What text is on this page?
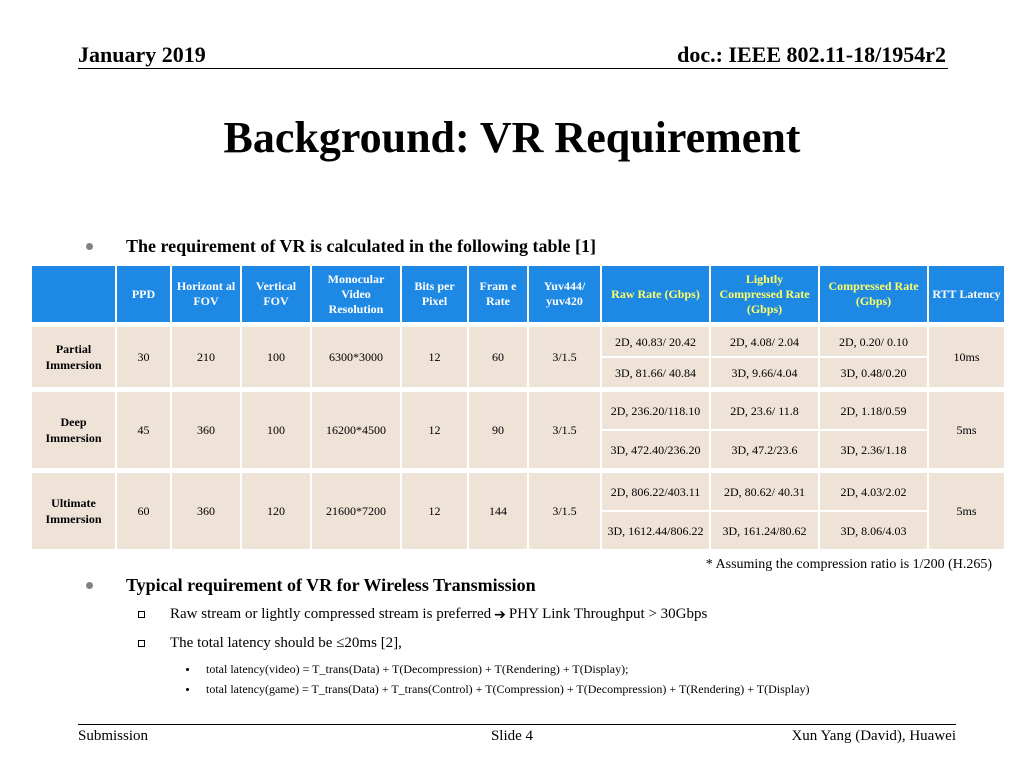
January 2019	doc.: IEEE 802.11-18/1954r2
Background: VR Requirement
The requirement of VR is calculated in the following table [1]
	PPD	Horizont al FOV	Vertical FOV	Monocular Video Resolution	Bits per Pixel	Fram e Rate	Yuv444/ yuv420	Raw Rate (Gbps)	Lightly Compressed Rate (Gbps)	Compressed Rate (Gbps)	RTT Latency

Partial Immersion	30	210	100	6300*3000	12	60	3/1.5	2D, 40.83/ 20.42	2D, 4.08/ 2.04	2D, 0.20/ 0.10	10ms
								3D, 81.66/ 40.84	3D, 9.66/4.04	3D, 0.48/0.20	

Deep Immersion	45	360	100	16200*4500	12	90	3/1.5	2D, 236.20/118.10	2D, 23.6/ 11.8	2D, 1.18/0.59	5ms
								3D, 472.40/236.20	3D, 47.2/23.6	3D, 2.36/1.18	

Ultimate Immersion	60	360	120	21600*7200	12	144	3/1.5	2D, 806.22/403.11	2D, 80.62/ 40.31	2D, 4.03/2.02	5ms
								3D, 1612.44/806.22	3D, 161.24/80.62	3D, 8.06/4.03	
* Assuming the compression ratio is 1/200 (H.265)
Typical requirement of VR for Wireless Transmission
Raw stream or lightly compressed stream is preferred ➔ PHY Link Throughput > 30Gbps
The total latency should be ≤20ms [2],
total latency(video) = T_trans(Data) + T(Decompression) + T(Rendering) + T(Display);
total latency(game) = T_trans(Data) + T_trans(Control) + T(Compression) + T(Decompression) + T(Rendering) + T(Display)
Submission	Slide 4	Xun Yang (David), Huawei
